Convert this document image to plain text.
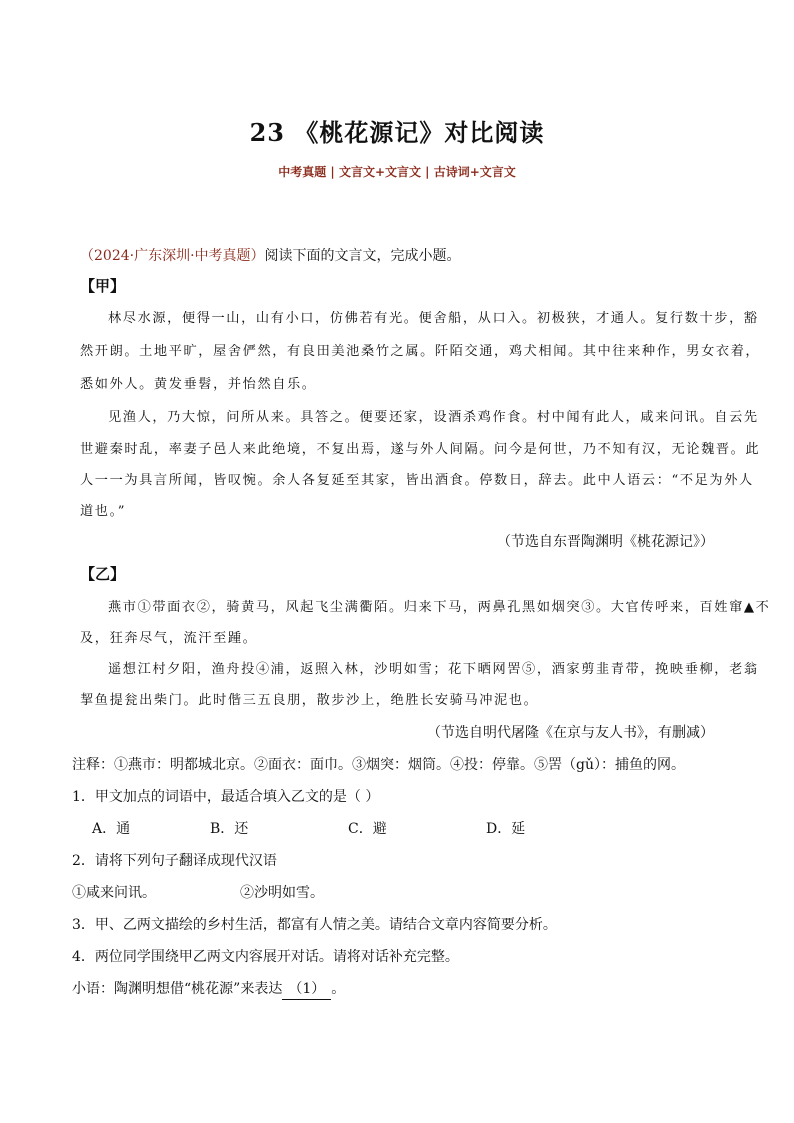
23 《桃花源记》对比阅读
中考真题 | 文言文+文言文 | 古诗词+文言文
（2024·广东深圳·中考真题）阅读下面的文言文，完成小题。
【甲】
林尽水源，便得一山，山有小口，仿佛若有光。便舍船，从口入。初极狭，才通人。复行数十步，豁
然开朗。土地平旷，屋舍俨然，有良田美池桑竹之属。阡陌交通，鸡犬相闻。其中往来种作，男女衣着，
悉如外人。黄发垂髫，并怡然自乐。
见渔人，乃大惊，问所从来。具答之。便要还家，设酒杀鸡作食。村中闻有此人，咸来问讯。自云先
世避秦时乱，率妻子邑人来此绝境，不复出焉，遂与外人间隔。问今是何世，乃不知有汉，无论魏晋。此
人一一为具言所闻，皆叹惋。余人各复延至其家，皆出酒食。停数日，辞去。此中人语云：“不足为外人
道也。”
（节选自东晋陶渊明《桃花源记》）
【乙】
燕市①带面衣②，骑黄马，风起飞尘满衢陌。归来下马，两鼻孔黑如烟突③。大官传呼来，百姓窜▲不
及，狂奔尽气，流汗至踵。
遥想江村夕阳，渔舟投④浦，返照入林，沙明如雪；花下晒网罟⑤，酒家剪韭青带，挽映垂柳，老翁
挈鱼提瓮出柴门。此时偕三五良朋，散步沙上，绝胜长安骑马冲泥也。
（节选自明代屠隆《在京与友人书》，有删减）
注释：①燕市：明都城北京。②面衣：面巾。③烟突：烟筒。④投：停靠。⑤罟（gǔ）：捕鱼的网。
1．甲文加点的词语中，最适合填入乙文的是（ ）
A．通	B．还	C．避	D．延
2．请将下列句子翻译成现代汉语
①咸来问讯。	②沙明如雪。
3．甲、乙两文描绘的乡村生活，都富有人情之美。请结合文章内容简要分析。
4．两位同学围绕甲乙两文内容展开对话。请将对话补充完整。
小语：陶渊明想借“桃花源”来表达 （1） 。
